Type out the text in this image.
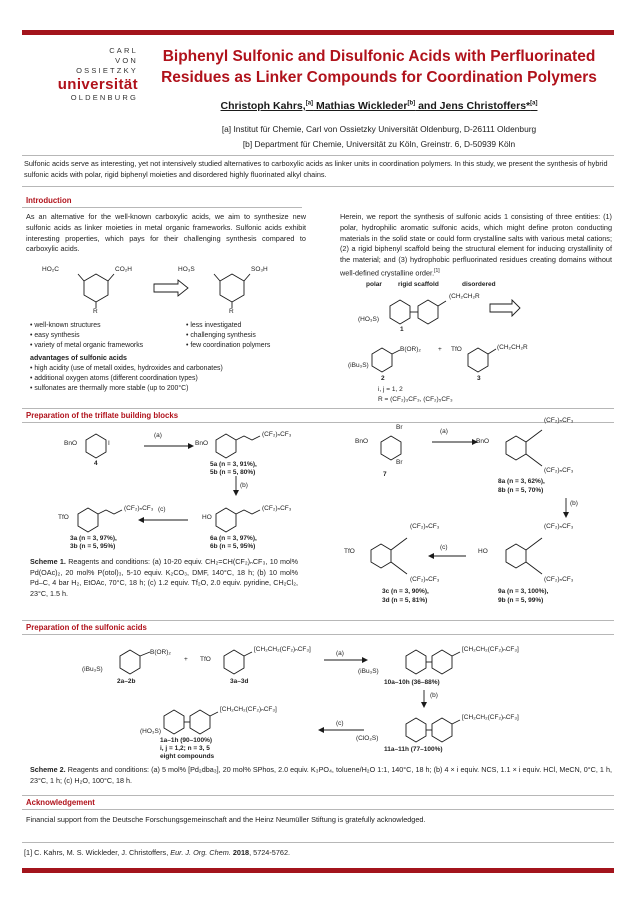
CARL
VON
OSSIETZKY
universität
OLDENBURG
Biphenyl Sulfonic and Disulfonic Acids with Perfluorinated
Residues as Linker Compounds for Coordination Polymers
Christoph Kahrs,[a] Mathias Wickleder[b] and Jens Christoffers*[a]
[a] Institut für Chemie, Carl von Ossietzky Universität Oldenburg, D-26111 Oldenburg
[b] Department für Chemie, Universität zu Köln, Greinstr. 6, D-50939 Köln
Sulfonic acids serve as interesting, yet not intensively studied alternatives to carboxylic acids as linker units in coordination polymers. In this study, we present the synthesis of hybrid sulfonic acids with polar, rigid biphenyl moieties and disordered highly fluorinated alkyl chains.
Introduction
As an alternative for the well-known carboxylic acids, we aim to synthesize new sulfonic acids as linker moieties in metal organic frameworks. Sulfonic acids exhibit interesting properties, which pays for their challenging synthesis compared to carboxylic acids.
HO₂C	CO₂H
R
HO₃S	SO₃H
R
• well-known structures
• easy synthesis
• variety of metal organic frameworks
• less investigated
• challenging synthesis
• few coordination polymers
advantages of sulfonic acids
• high acidity (use of metall oxides, hydroxides and carbonates)
• additional oxygen atoms (different coordination types)
• sulfonates are thermally more stable (up to 200°C)
Herein, we report the synthesis of sulfonic acids 1 consisting of three entities: (1) polar, hydrophilic aromatic sulfonic acids, which might define proton conducting materials in the solid state or could form crystalline salts with various metal cations; (2) a rigid biphenyl scaffold being the structural element for inducing crystallinity of the material; and (3) hydrophobic perfluorinated residues creating domains without well-defined crystalline order.[1]
polar rigid scaffold	disordered
(HO₃S)
(CH₂CH₂R
1
(iBu₃S)
B(OR)₂
2
+ TfO	(CH₂CH₂R
3
i, j = 1, 2
R = (CF₂)₃CF₃, (CF₂)₅CF₃
Preparation of the triflate building blocks
BnO	I
4
(a)
BnO
(CF₂)ₙCF₃
5a (n = 3, 91%),
5b (n = 5, 80%)
(b)
HO
(CF₂)ₙCF₃
6a (n = 3, 97%),
6b (n = 5, 95%)
(c)
TfO
(CF₂)ₙCF₃
3a (n = 3, 97%),
3b (n = 5, 95%)
Br
BnO
Br
7
(a)
BnO
(CF₂)ₙCF₃
(CF₂)ₙCF₃
8a (n = 3, 62%),
8b (n = 5, 70%)
(b)
HO
(CF₂)ₙCF₃
(CF₂)ₙCF₃
9a (n = 3, 100%),
9b (n = 5, 99%)
(c)
TfO
(CF₂)ₙCF₃
(CF₂)ₙCF₃
3c (n = 3, 90%),
3d (n = 5, 81%)
Scheme 1. Reagents and conditions: (a) 10-20 equiv. CH₂=CH(CF₂)ₙCF₃, 10 mol% Pd(OAc)₂, 20 mol% P(otol)₃, 5-10 equiv. K₂CO₃, DMF, 140°C, 18 h; (b) 10 mol% Pd–C, 4 bar H₂, EtOAc, 70°C, 18 h; (c) 1.2 equiv. Tf₂O, 2.0 equiv. pyridine, CH₂Cl₂, 23°C, 1.5 h.
Preparation of the sulfonic acids
(iBu₃S)
B(OR)₂
+ TfO
[CH₂CH₂(CF₂)ₙCF₃]
2a–2b	3a–3d
(a)
(iBu₃S)
[CH₂CH₂(CF₂)ₙCF₃]
10a–10h (36–88%)
(b)
(ClO₂S)
[CH₂CH₂(CF₂)ₙCF₃]
11a–11h (77–100%)
(c)
(HO₃S)
[CH₂CH₂(CF₂)ₙCF₃]
1a–1h (90–100%)
i, j = 1,2; n = 3, 5
eight compounds
Scheme 2. Reagents and conditions: (a) 5 mol% [Pd₂dba₃], 20 mol% SPhos, 2.0 equiv. K₃PO₄, toluene/H₂O 1:1, 140°C, 18 h; (b) 4 × i equiv. NCS, 1.1 × i equiv. HCl, MeCN, 0°C, 1 h, 23°C, 1 h; (c) H₂O, 100°C, 18 h.
Acknowledgement
Financial support from the Deutsche Forschungsgemeinschaft and the Heinz Neumüller Stiftung is gratefully acknowledged.
[1] C. Kahrs, M. S. Wickleder, J. Christoffers, Eur. J. Org. Chem. 2018, 5724-5762.
